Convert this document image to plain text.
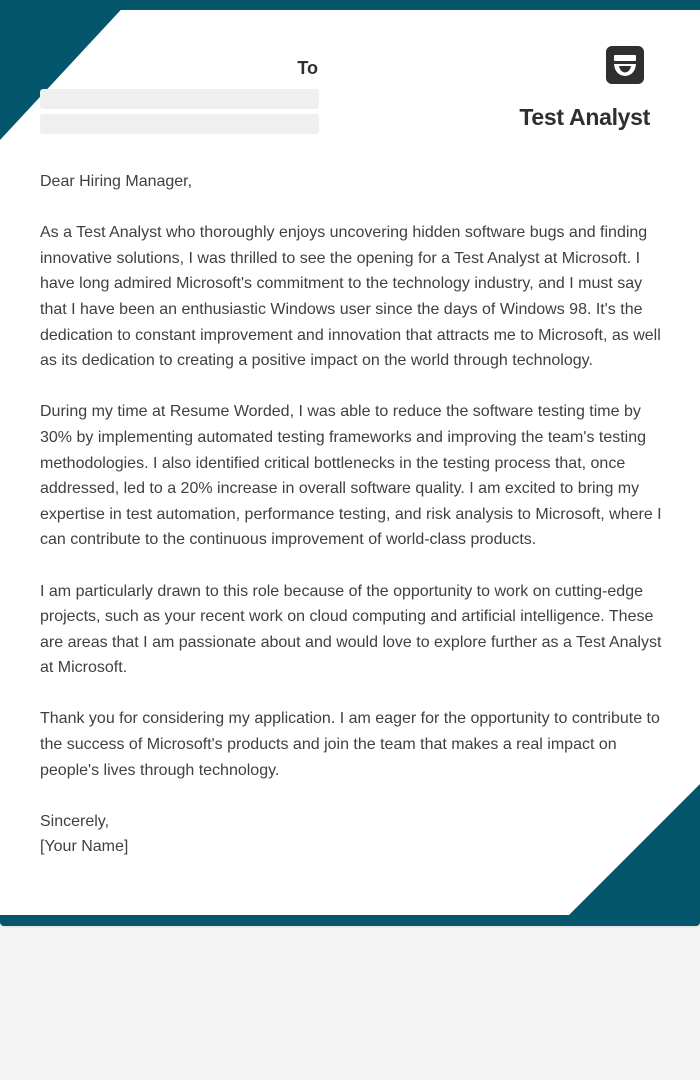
To
Test Analyst

Dear Hiring Manager,

As a Test Analyst who thoroughly enjoys uncovering hidden software bugs and finding innovative solutions, I was thrilled to see the opening for a Test Analyst at Microsoft. I have long admired Microsoft's commitment to the technology industry, and I must say that I have been an enthusiastic Windows user since the days of Windows 98. It's the dedication to constant improvement and innovation that attracts me to Microsoft, as well as its dedication to creating a positive impact on the world through technology.

During my time at Resume Worded, I was able to reduce the software testing time by 30% by implementing automated testing frameworks and improving the team's testing methodologies. I also identified critical bottlenecks in the testing process that, once addressed, led to a 20% increase in overall software quality. I am excited to bring my expertise in test automation, performance testing, and risk analysis to Microsoft, where I can contribute to the continuous improvement of world-class products.

I am particularly drawn to this role because of the opportunity to work on cutting-edge projects, such as your recent work on cloud computing and artificial intelligence. These are areas that I am passionate about and would love to explore further as a Test Analyst at Microsoft.

Thank you for considering my application. I am eager for the opportunity to contribute to the success of Microsoft's products and join the team that makes a real impact on people's lives through technology.

Sincerely,

[Your Name]
